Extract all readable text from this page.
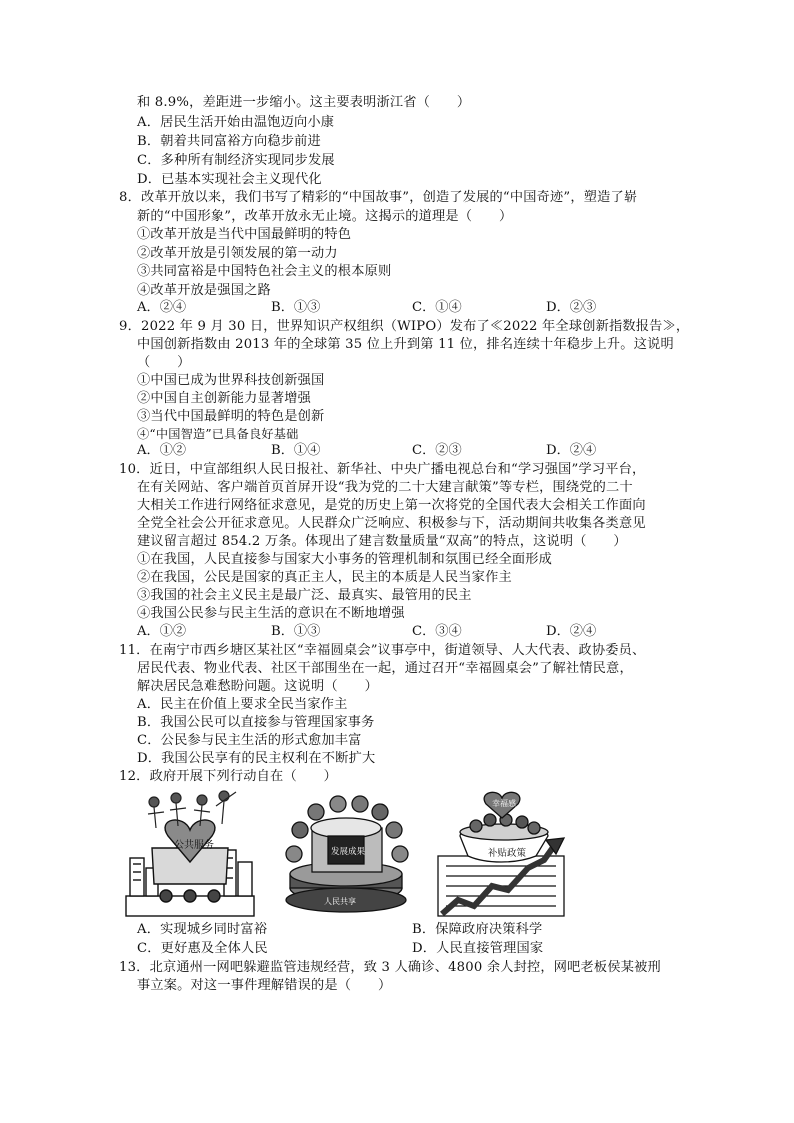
和 8.9%，差距进一步缩小。这主要表明浙江省（　　）
A．居民生活开始由温饱迈向小康
B．朝着共同富裕方向稳步前进
C．多种所有制经济实现同步发展
D．已基本实现社会主义现代化
8．改革开放以来，我们书写了精彩的“中国故事”，创造了发展的“中国奇迹”，塑造了崭
新的“中国形象”，改革开放永无止境。这揭示的道理是（　　）
①改革开放是当代中国最鲜明的特色
②改革开放是引领发展的第一动力
③共同富裕是中国特色社会主义的根本原则
④改革开放是强国之路
A．②④	B．①③	C．①④	D．②③
9．2022 年 9 月 30 日，世界知识产权组织（WIPO）发布了≪2022 年全球创新指数报告≫，
中国创新指数由 2013 年的全球第 35 位上升到第 11 位，排名连续十年稳步上升。这说明
（　　）
①中国已成为世界科技创新强国
②中国自主创新能力显著增强
③当代中国最鲜明的特色是创新
④“中国智造”已具备良好基础
A．①②	B．①④	C．②③	D．②④
10．近日，中宣部组织人民日报社、新华社、中央广播电视总台和“学习强国”学习平台，
在有关网站、客户端首页首屏开设“我为党的二十大建言献策”等专栏，围绕党的二十
大相关工作进行网络征求意见，是党的历史上第一次将党的全国代表大会相关工作面向
全党全社会公开征求意见。人民群众广泛响应、积极参与下，活动期间共收集各类意见
建议留言超过 854.2 万条。体现出了建言数量质量“双高”的特点，这说明（　　）
①在我国，人民直接参与国家大小事务的管理机制和氛围已经全面形成
②在我国，公民是国家的真正主人，民主的本质是人民当家作主
③我国的社会主义民主是最广泛、最真实、最管用的民主
④我国公民参与民主生活的意识在不断地增强
A．①②	B．①③	C．③④	D．②④
11．在南宁市西乡塘区某社区“幸福圆桌会”议事亭中，街道领导、人大代表、政协委员、
居民代表、物业代表、社区干部围坐在一起，通过召开“幸福圆桌会”了解社情民意，
解决居民急难愁盼问题。这说明（　　）
A．民主在价值上要求全民当家作主
B．我国公民可以直接参与管理国家事务
C．公民参与民主生活的形式愈加丰富
D．我国公民享有的民主权利在不断扩大
12．政府开展下列行动自在（　　）
公共服务
发展成果
人民共享
幸福感
补贴政策
A．实现城乡同时富裕	B．保障政府决策科学
C．更好惠及全体人民	D．人民直接管理国家
13．北京通州一网吧躲避监管违规经营，致 3 人确诊、4800 余人封控，网吧老板侯某被刑
事立案。对这一事件理解错误的是（　　）
